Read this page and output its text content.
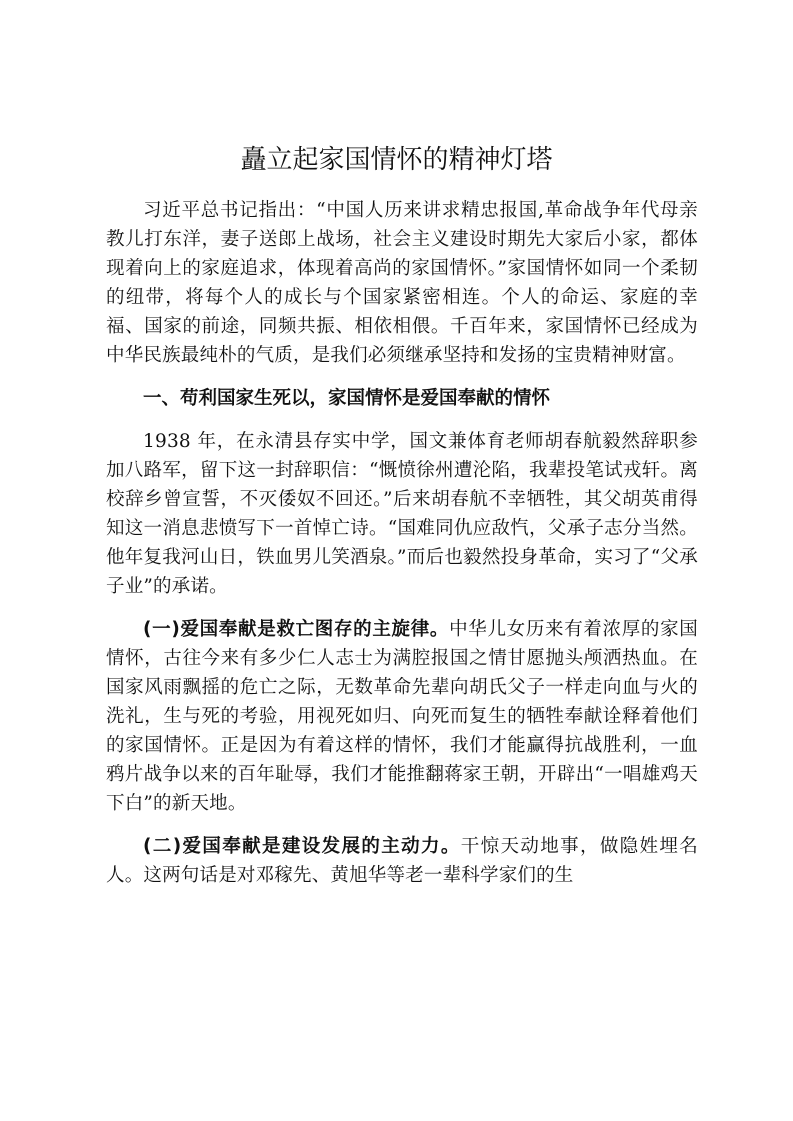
矗立起家国情怀的精神灯塔

习近平总书记指出：“中国人历来讲求精忠报国,革命战争年代母亲教儿打东洋，妻子送郎上战场，社会主义建设时期先大家后小家，都体现着向上的家庭追求，体现着高尚的家国情怀。”家国情怀如同一个柔韧的纽带，将每个人的成长与个国家紧密相连。个人的命运、家庭的幸福、国家的前途，同频共振、相依相偎。千百年来，家国情怀已经成为中华民族最纯朴的气质，是我们必须继承坚持和发扬的宝贵精神财富。

一、苟利国家生死以，家国情怀是爱国奉献的情怀

1938 年，在永清县存实中学，国文兼体育老师胡春航毅然辞职参加八路军，留下这一封辞职信：“慨愤徐州遭沦陷，我辈投笔试戎轩。离校辞乡曾宣誓，不灭倭奴不回还。”后来胡春航不幸牺牲，其父胡英甫得知这一消息悲愤写下一首悼亡诗。“国难同仇应敌忾，父承子志分当然。他年复我河山日，铁血男儿笑酒泉。”而后也毅然投身革命，实习了“父承子业”的承诺。

(一)爱国奉献是救亡图存的主旋律。中华儿女历来有着浓厚的家国情怀，古往今来有多少仁人志士为满腔报国之情甘愿抛头颅洒热血。在国家风雨飘摇的危亡之际，无数革命先辈向胡氏父子一样走向血与火的洗礼，生与死的考验，用视死如归、向死而复生的牺牲奉献诠释着他们的家国情怀。正是因为有着这样的情怀，我们才能赢得抗战胜利，一血鸦片战争以来的百年耻辱，我们才能推翻蒋家王朝，开辟出“一唱雄鸡天下白”的新天地。

(二)爱国奉献是建设发展的主动力。干惊天动地事，做隐姓埋名人。这两句话是对邓稼先、黄旭华等老一辈科学家们的生
